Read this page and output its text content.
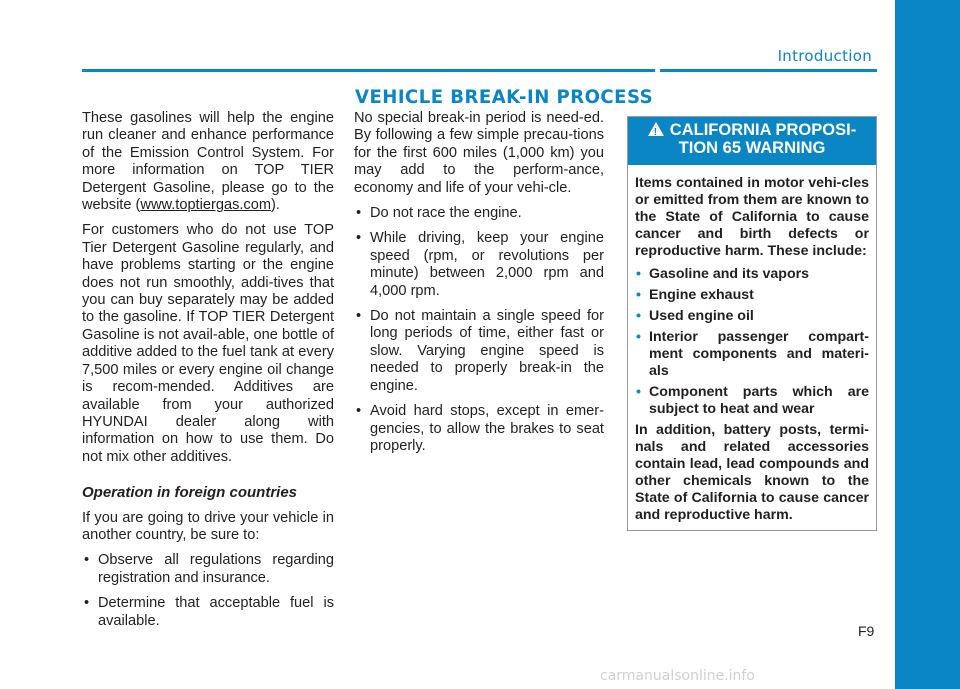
Introduction

These gasolines will help the engine run cleaner and enhance performance of the Emission Control System. For more information on TOP TIER Detergent Gasoline, please go to the website (www.toptiergas.com).

For customers who do not use TOP Tier Detergent Gasoline regularly, and have problems starting or the engine does not run smoothly, addi-tives that you can buy separately may be added to the gasoline. If TOP TIER Detergent Gasoline is not avail-able, one bottle of additive added to the fuel tank at every 7,500 miles or every engine oil change is recom-mended. Additives are available from your authorized HYUNDAI dealer along with information on how to use them. Do not mix other additives.

Operation in foreign countries

If you are going to drive your vehicle in another country, be sure to:

• Observe all regulations regarding registration and insurance.
• Determine that acceptable fuel is available.
VEHICLE BREAK-IN PROCESS

No special break-in period is need-ed. By following a few simple precau-tions for the first 600 miles (1,000 km) you may add to the perform-ance, economy and life of your vehi-cle.

• Do not race the engine.
• While driving, keep your engine speed (rpm, or revolutions per minute) between 2,000 rpm and 4,000 rpm.
• Do not maintain a single speed for long periods of time, either fast or slow. Varying engine speed is needed to properly break-in the engine.
• Avoid hard stops, except in emer-gencies, to allow the brakes to seat properly.
!CALIFORNIA PROPOSI-
TION 65 WARNING

Items contained in motor vehi-cles or emitted from them are known to the State of California to cause cancer and birth defects or reproductive harm. These include:

• Gasoline and its vapors
• Engine exhaust
• Used engine oil
• Interior passenger compart-ment components and materi-als
• Component parts which are subject to heat and wear

In addition, battery posts, termi-nals and related accessories contain lead, lead compounds and other chemicals known to the State of California to cause cancer and reproductive harm.

F9
carmanualsonline.info
